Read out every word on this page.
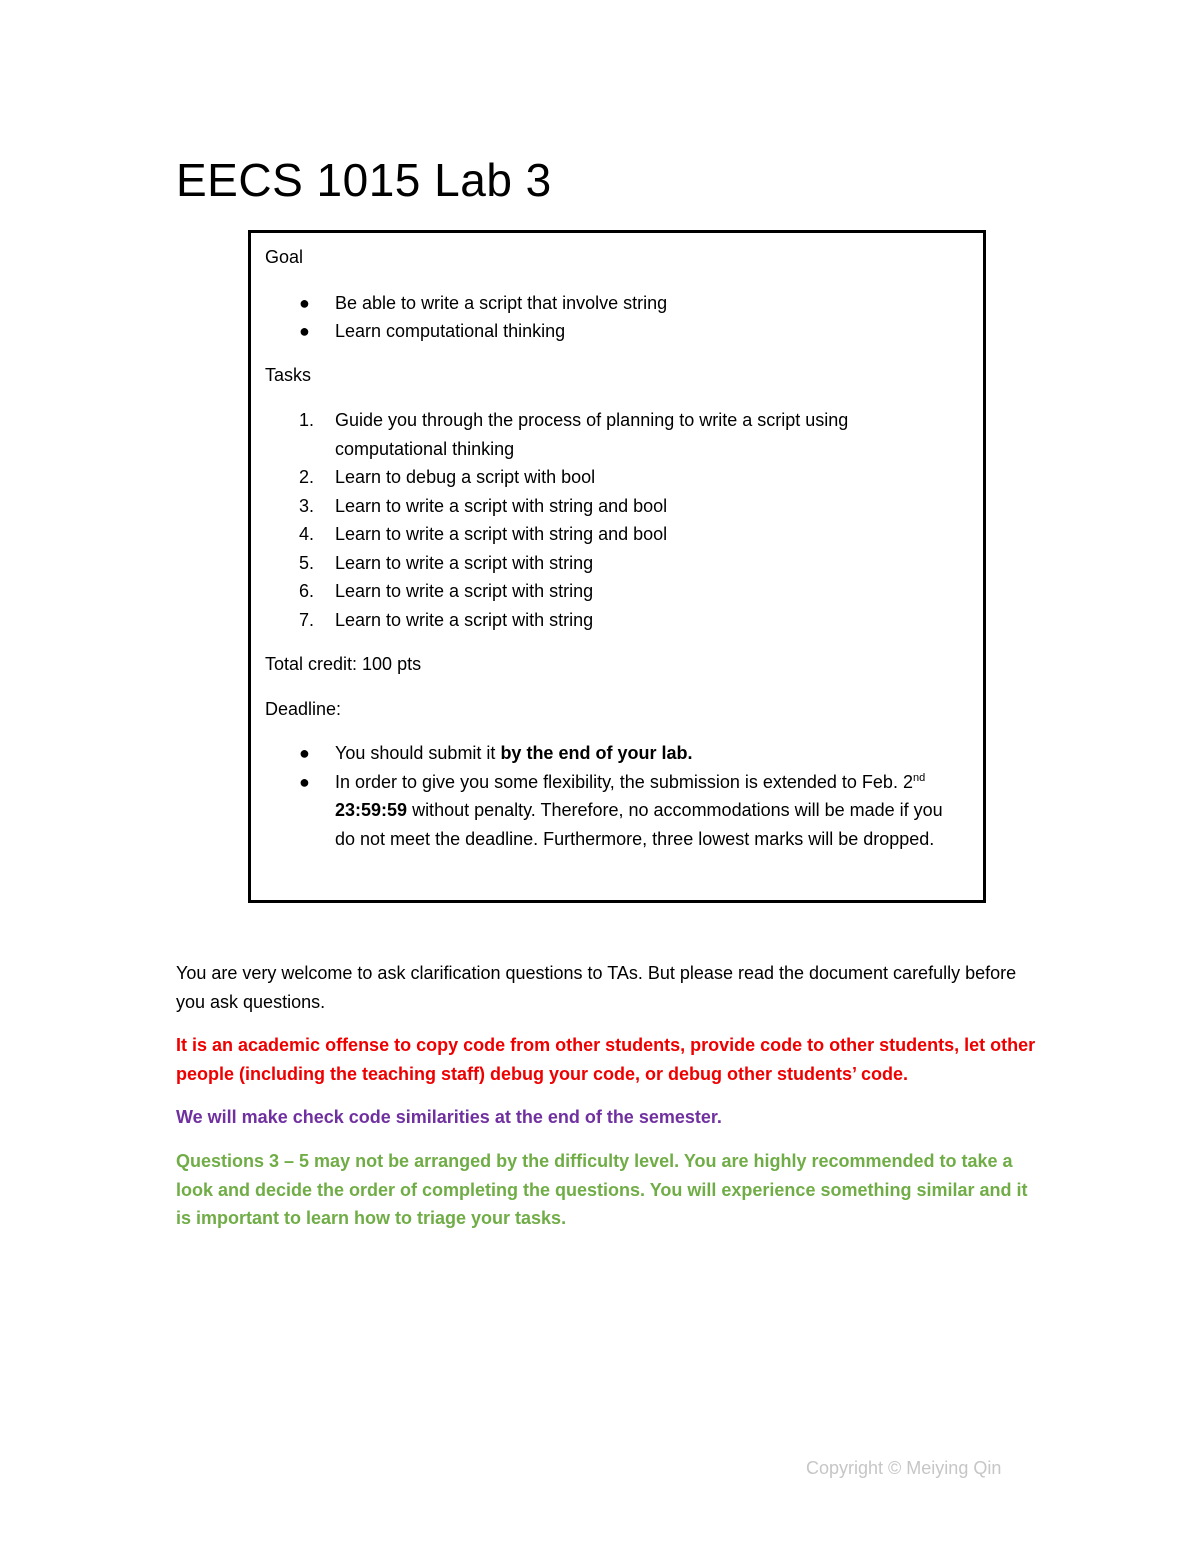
EECS 1015 Lab 3

Goal

● Be able to write a script that involve string
● Learn computational thinking

Tasks

1. Guide you through the process of planning to write a script using computational thinking
2. Learn to debug a script with bool
3. Learn to write a script with string and bool
4. Learn to write a script with string and bool
5. Learn to write a script with string
6. Learn to write a script with string
7. Learn to write a script with string

Total credit: 100 pts

Deadline:

● You should submit it by the end of your lab.
● In order to give you some flexibility, the submission is extended to Feb. 2nd 23:59:59 without penalty. Therefore, no accommodations will be made if you do not meet the deadline. Furthermore, three lowest marks will be dropped.

You are very welcome to ask clarification questions to TAs. But please read the document carefully before you ask questions.

It is an academic offense to copy code from other students, provide code to other students, let other people (including the teaching staff) debug your code, or debug other students’ code.

We will make check code similarities at the end of the semester.

Questions 3 – 5 may not be arranged by the difficulty level. You are highly recommended to take a look and decide the order of completing the questions. You will experience something similar and it is important to learn how to triage your tasks.

Copyright © Meiying Qin
